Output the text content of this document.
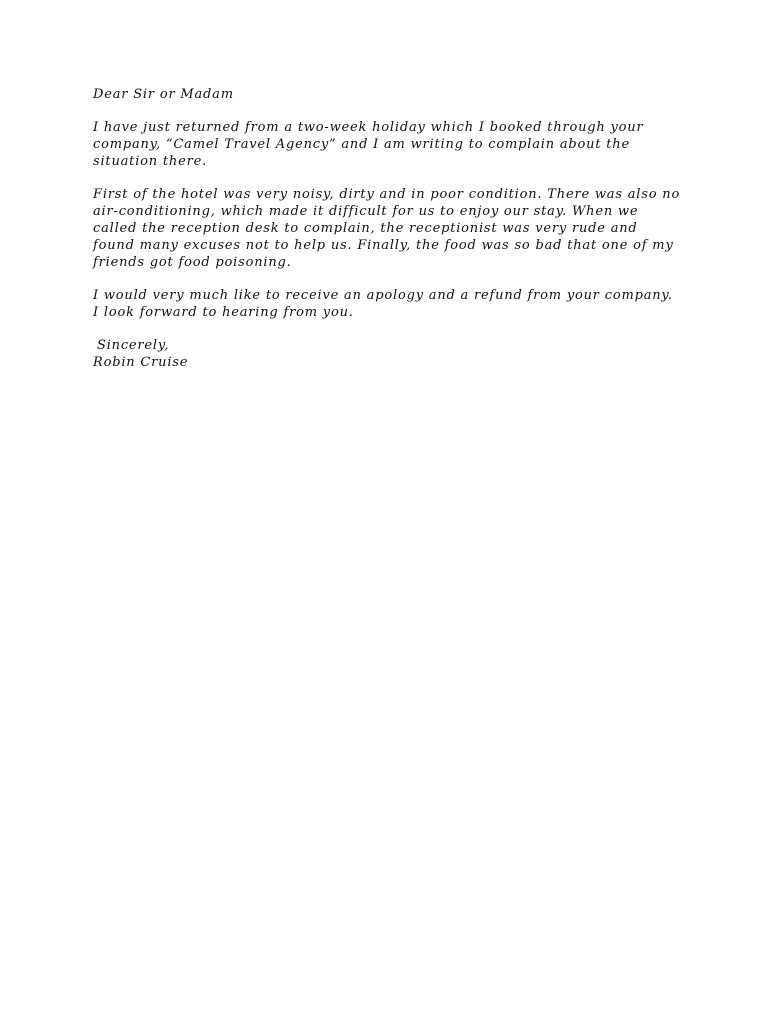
Dear Sir or Madam

I have just returned from a two-week holiday which I booked through your
company, “Camel Travel Agency” and I am writing to complain about the
situation there.

First of the hotel was very noisy, dirty and in poor condition. There was also no
air-conditioning, which made it difficult for us to enjoy our stay. When we
called the reception desk to complain, the receptionist was very rude and
found many excuses not to help us. Finally, the food was so bad that one of my
friends got food poisoning.

I would very much like to receive an apology and a refund from your company.
I look forward to hearing from you.

Sincerely,
Robin Cruise
